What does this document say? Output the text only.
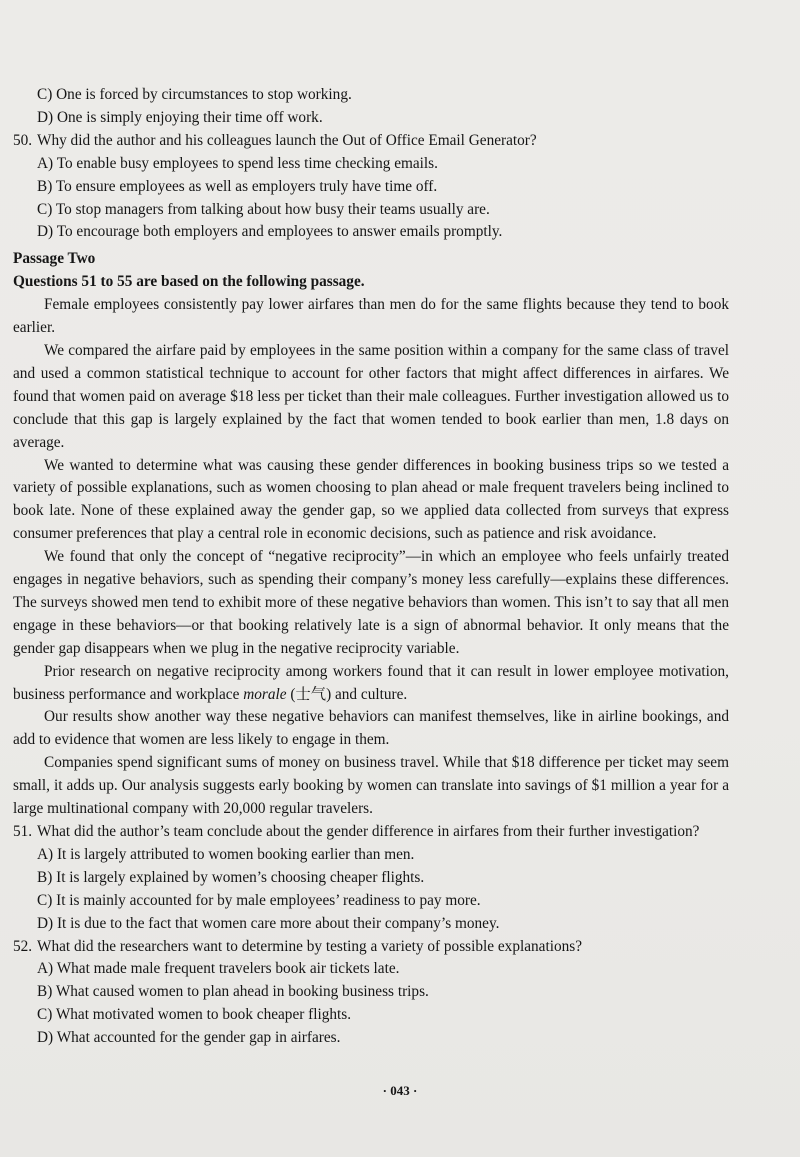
C) One is forced by circumstances to stop working.
D) One is simply enjoying their time off work.
50. Why did the author and his colleagues launch the Out of Office Email Generator?
A) To enable busy employees to spend less time checking emails.
B) To ensure employees as well as employers truly have time off.
C) To stop managers from talking about how busy their teams usually are.
D) To encourage both employers and employees to answer emails promptly.
Passage Two
Questions 51 to 55 are based on the following passage.
Female employees consistently pay lower airfares than men do for the same flights because they tend to book earlier.
We compared the airfare paid by employees in the same position within a company for the same class of travel and used a common statistical technique to account for other factors that might affect differences in airfares. We found that women paid on average $18 less per ticket than their male colleagues. Further investigation allowed us to conclude that this gap is largely explained by the fact that women tended to book earlier than men, 1.8 days on average.
We wanted to determine what was causing these gender differences in booking business trips so we tested a variety of possible explanations, such as women choosing to plan ahead or male frequent travelers being inclined to book late. None of these explained away the gender gap, so we applied data collected from surveys that express consumer preferences that play a central role in economic decisions, such as patience and risk avoidance.
We found that only the concept of “negative reciprocity”—in which an employee who feels unfairly treated engages in negative behaviors, such as spending their company’s money less carefully—explains these differences. The surveys showed men tend to exhibit more of these negative behaviors than women. This isn’t to say that all men engage in these behaviors—or that booking relatively late is a sign of abnormal behavior. It only means that the gender gap disappears when we plug in the negative reciprocity variable.
Prior research on negative reciprocity among workers found that it can result in lower employee motivation, business performance and workplace morale (士气) and culture.
Our results show another way these negative behaviors can manifest themselves, like in airline bookings, and add to evidence that women are less likely to engage in them.
Companies spend significant sums of money on business travel. While that $18 difference per ticket may seem small, it adds up. Our analysis suggests early booking by women can translate into savings of $1 million a year for a large multinational company with 20,000 regular travelers.
51. What did the author’s team conclude about the gender difference in airfares from their further investigation?
A) It is largely attributed to women booking earlier than men.
B) It is largely explained by women’s choosing cheaper flights.
C) It is mainly accounted for by male employees’ readiness to pay more.
D) It is due to the fact that women care more about their company’s money.
52. What did the researchers want to determine by testing a variety of possible explanations?
A) What made male frequent travelers book air tickets late.
B) What caused women to plan ahead in booking business trips.
C) What motivated women to book cheaper flights.
D) What accounted for the gender gap in airfares.
· 043 ·
